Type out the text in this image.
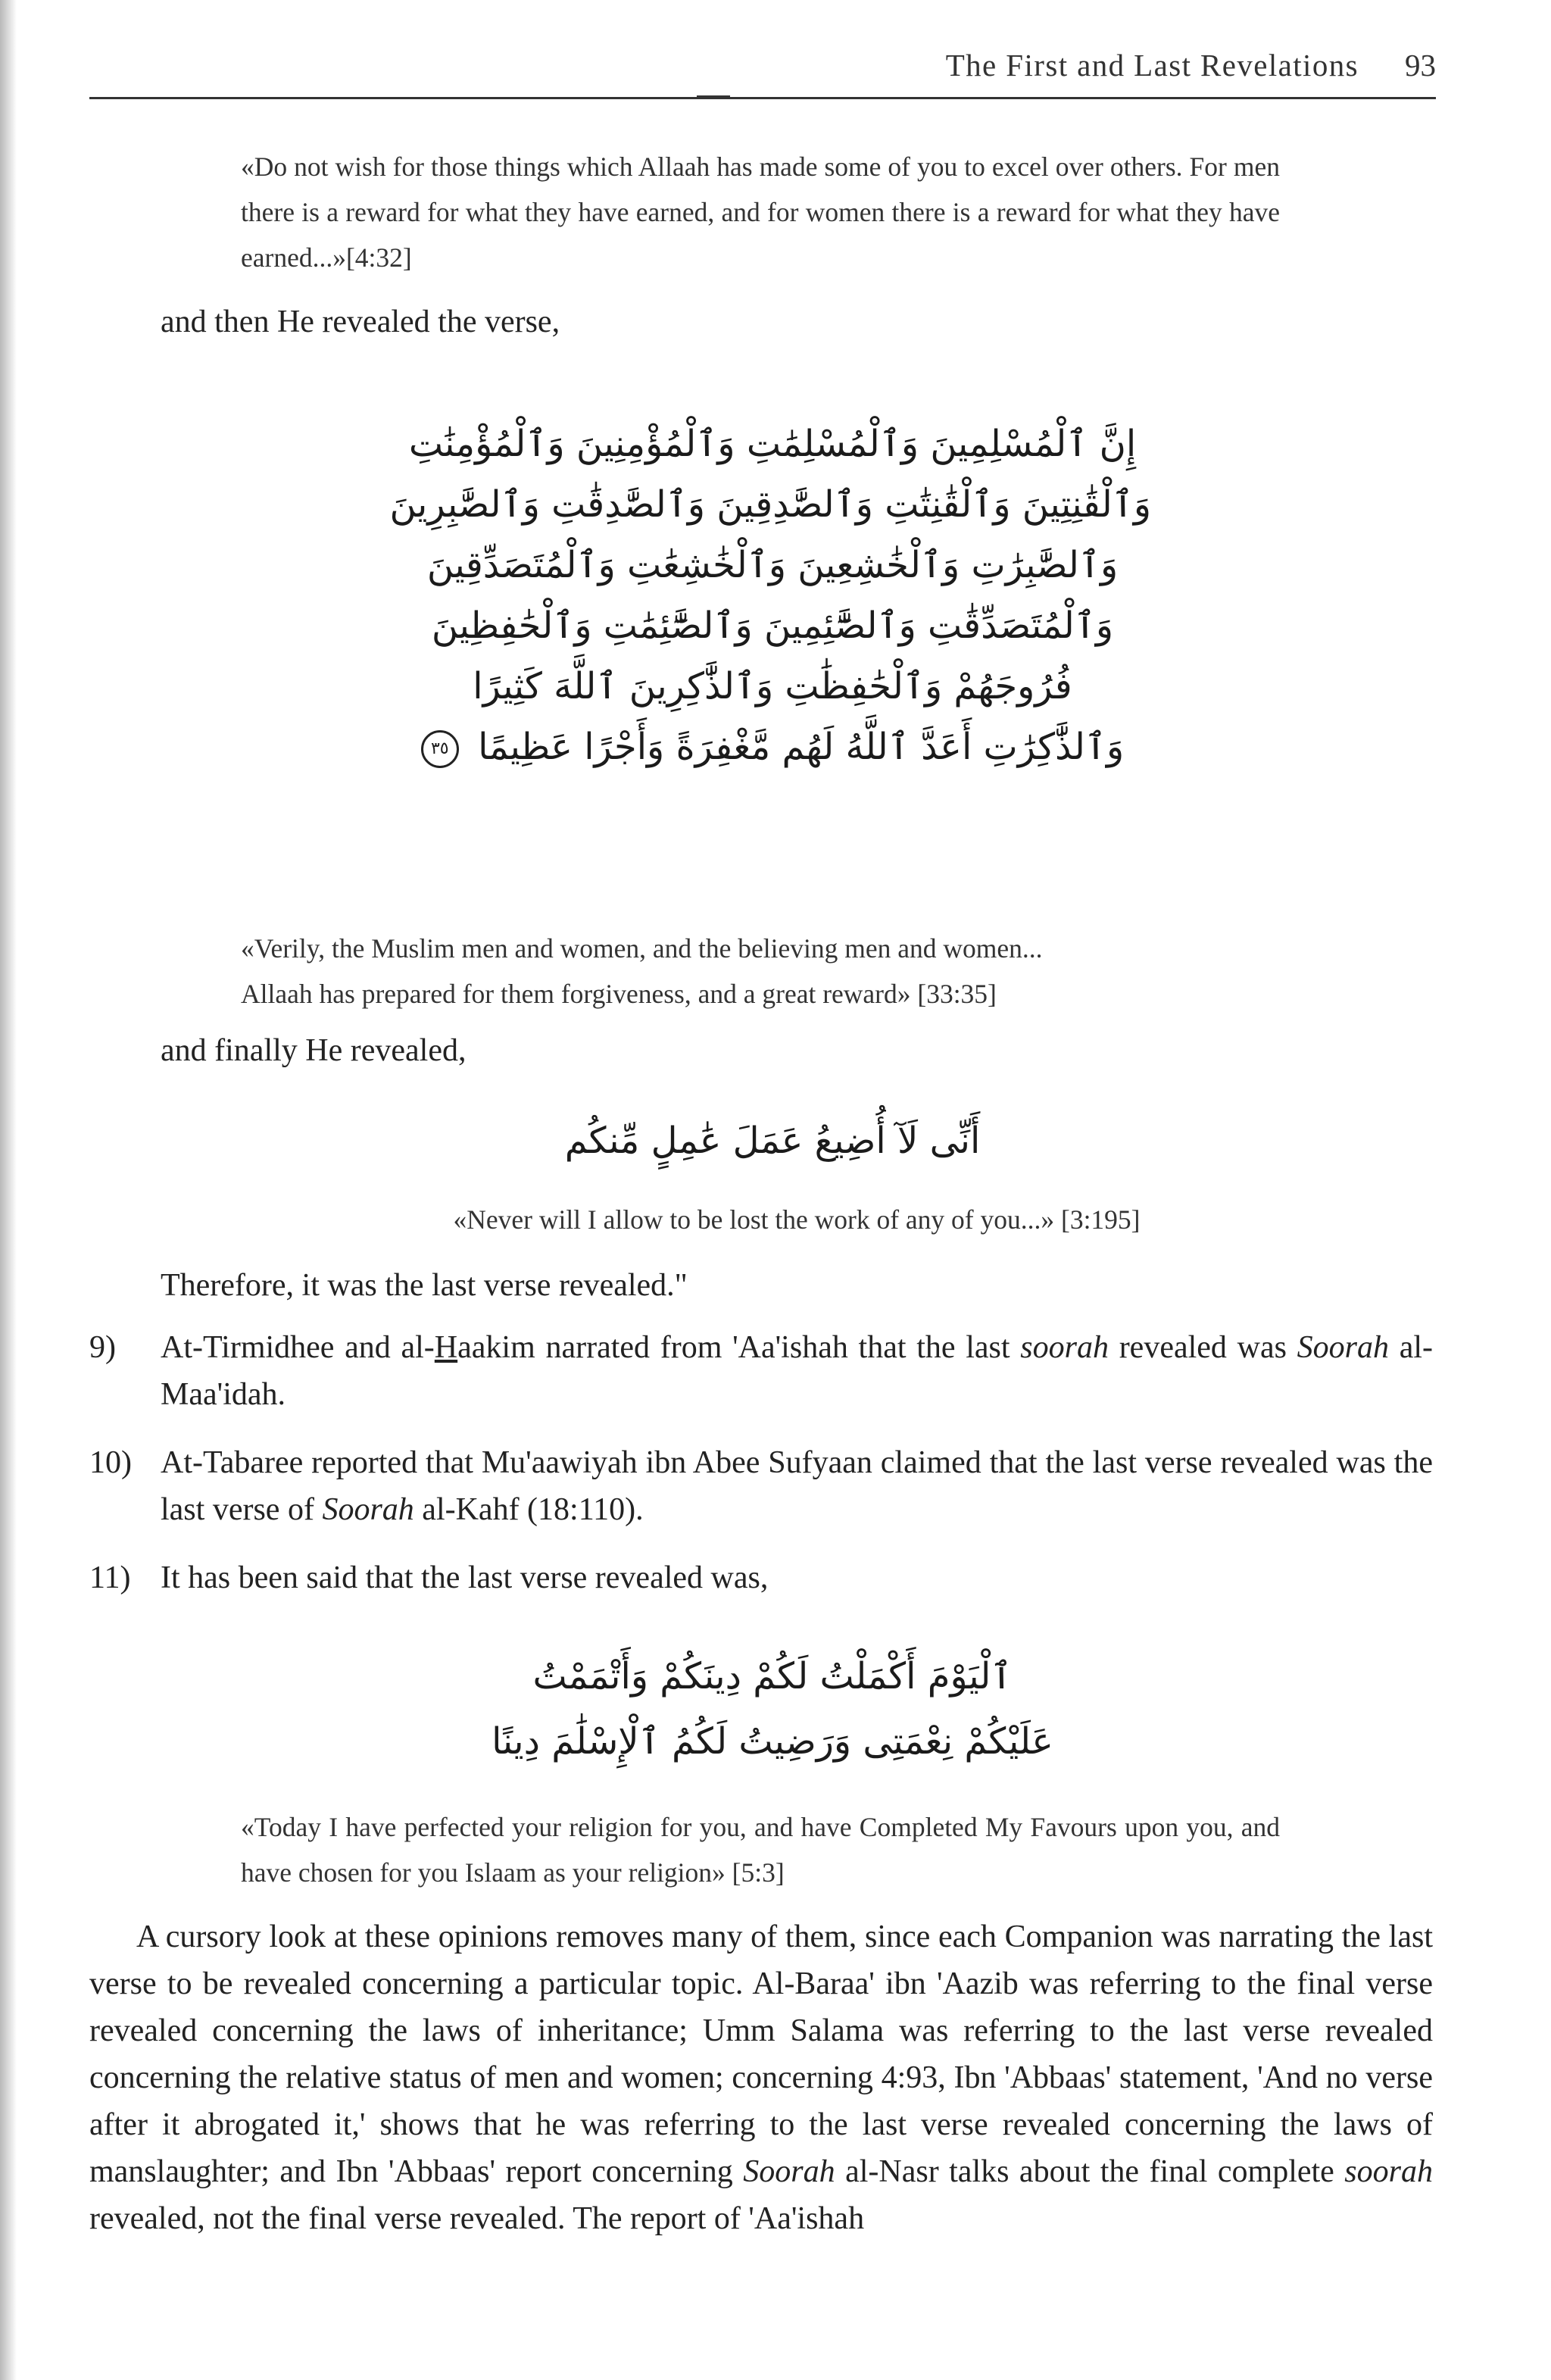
The First and Last Revelations 93
«Do not wish for those things which Allaah has made some of you to excel over others. For men there is a reward for what they have earned, and for women there is a reward for what they have earned...»[4:32]
and then He revealed the verse,
إِنَّ ٱلْمُسْلِمِينَ وَٱلْمُسْلِمَٰتِ وَٱلْمُؤْمِنِينَ وَٱلْمُؤْمِنَٰتِ
وَٱلْقَٰنِتِينَ وَٱلْقَٰنِتَٰتِ وَٱلصَّٰدِقِينَ وَٱلصَّٰدِقَٰتِ وَٱلصَّٰبِرِينَ
وَٱلصَّٰبِرَٰتِ وَٱلْخَٰشِعِينَ وَٱلْخَٰشِعَٰتِ وَٱلْمُتَصَدِّقِينَ
وَٱلْمُتَصَدِّقَٰتِ وَٱلصَّٰٓئِمِينَ وَٱلصَّٰٓئِمَٰتِ وَٱلْحَٰفِظِينَ
فُرُوجَهُمْ وَٱلْحَٰفِظَٰتِ وَٱلذَّٰكِرِينَ ٱللَّهَ كَثِيرًا
وَٱلذَّٰكِرَٰتِ أَعَدَّ ٱللَّهُ لَهُم مَّغْفِرَةً وَأَجْرًا عَظِيمًا ٣٥
«Verily, the Muslim men and women, and the believing men and women...
Allaah has prepared for them forgiveness, and a great reward» [33:35]
and finally He revealed,
أَنِّى لَآ أُضِيعُ عَمَلَ عَٰمِلٍ مِّنكُم
«Never will I allow to be lost the work of any of you...» [3:195]
Therefore, it was the last verse revealed."
9) At-Tirmidhee and al-Haakim narrated from 'Aa'ishah that the last soorah revealed was Soorah al-Maa'idah.
10) At-Tabaree reported that Mu'aawiyah ibn Abee Sufyaan claimed that the last verse revealed was the last verse of Soorah al-Kahf (18:110).
11) It has been said that the last verse revealed was,
ٱلْيَوْمَ أَكْمَلْتُ لَكُمْ دِينَكُمْ وَأَتْمَمْتُ
عَلَيْكُمْ نِعْمَتِى وَرَضِيتُ لَكُمُ ٱلْإِسْلَٰمَ دِينًا
«Today I have perfected your religion for you, and have Completed My Favours upon you, and have chosen for you Islaam as your religion» [5:3]
A cursory look at these opinions removes many of them, since each Companion was narrating the last verse to be revealed concerning a particular topic. Al-Baraa' ibn 'Aazib was referring to the final verse revealed concerning the laws of inheritance; Umm Salama was referring to the last verse revealed concerning the relative status of men and women; concerning 4:93, Ibn 'Abbaas' statement, 'And no verse after it abrogated it,' shows that he was referring to the last verse revealed concerning the laws of manslaughter; and Ibn 'Abbaas' report concerning Soorah al-Nasr talks about the final complete soorah revealed, not the final verse revealed. The report of 'Aa'ishah
